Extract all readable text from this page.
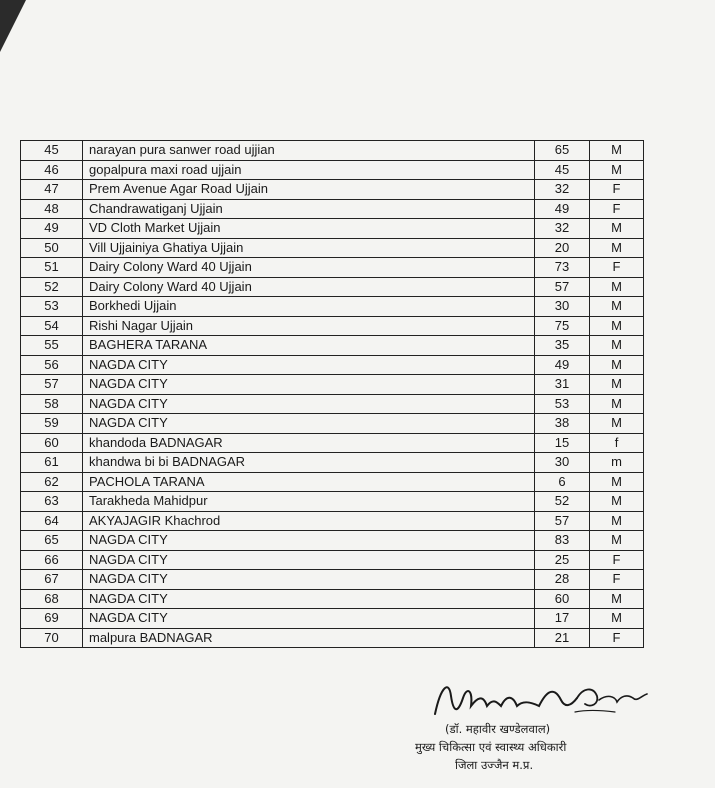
45	narayan pura sanwer road ujjian	65	M
46	gopalpura maxi road ujjain	45	M
47	Prem Avenue Agar Road Ujjain	32	F
48	Chandrawatiganj Ujjain	49	F
49	VD Cloth Market Ujjain	32	M
50	Vill Ujjainiya Ghatiya Ujjain	20	M
51	Dairy Colony Ward 40 Ujjain	73	F
52	Dairy Colony Ward 40 Ujjain	57	M
53	Borkhedi Ujjain	30	M
54	Rishi Nagar Ujjain	75	M
55	BAGHERA TARANA	35	M
56	NAGDA CITY	49	M
57	NAGDA CITY	31	M
58	NAGDA CITY	53	M
59	NAGDA CITY	38	M
60	khandoda BADNAGAR	15	f
61	khandwa bi bi BADNAGAR	30	m
62	PACHOLA TARANA	6	M
63	Tarakheda Mahidpur	52	M
64	AKYAJAGIR Khachrod	57	M
65	NAGDA CITY	83	M
66	NAGDA CITY	25	F
67	NAGDA CITY	28	F
68	NAGDA CITY	60	M
69	NAGDA CITY	17	M
70	malpura BADNAGAR	21	F
(डॉ. महावीर खण्डेलवाल)
मुख्य चिकित्सा एवं स्वास्थ्य अधिकारी
जिला उज्जैन म.प्र.
